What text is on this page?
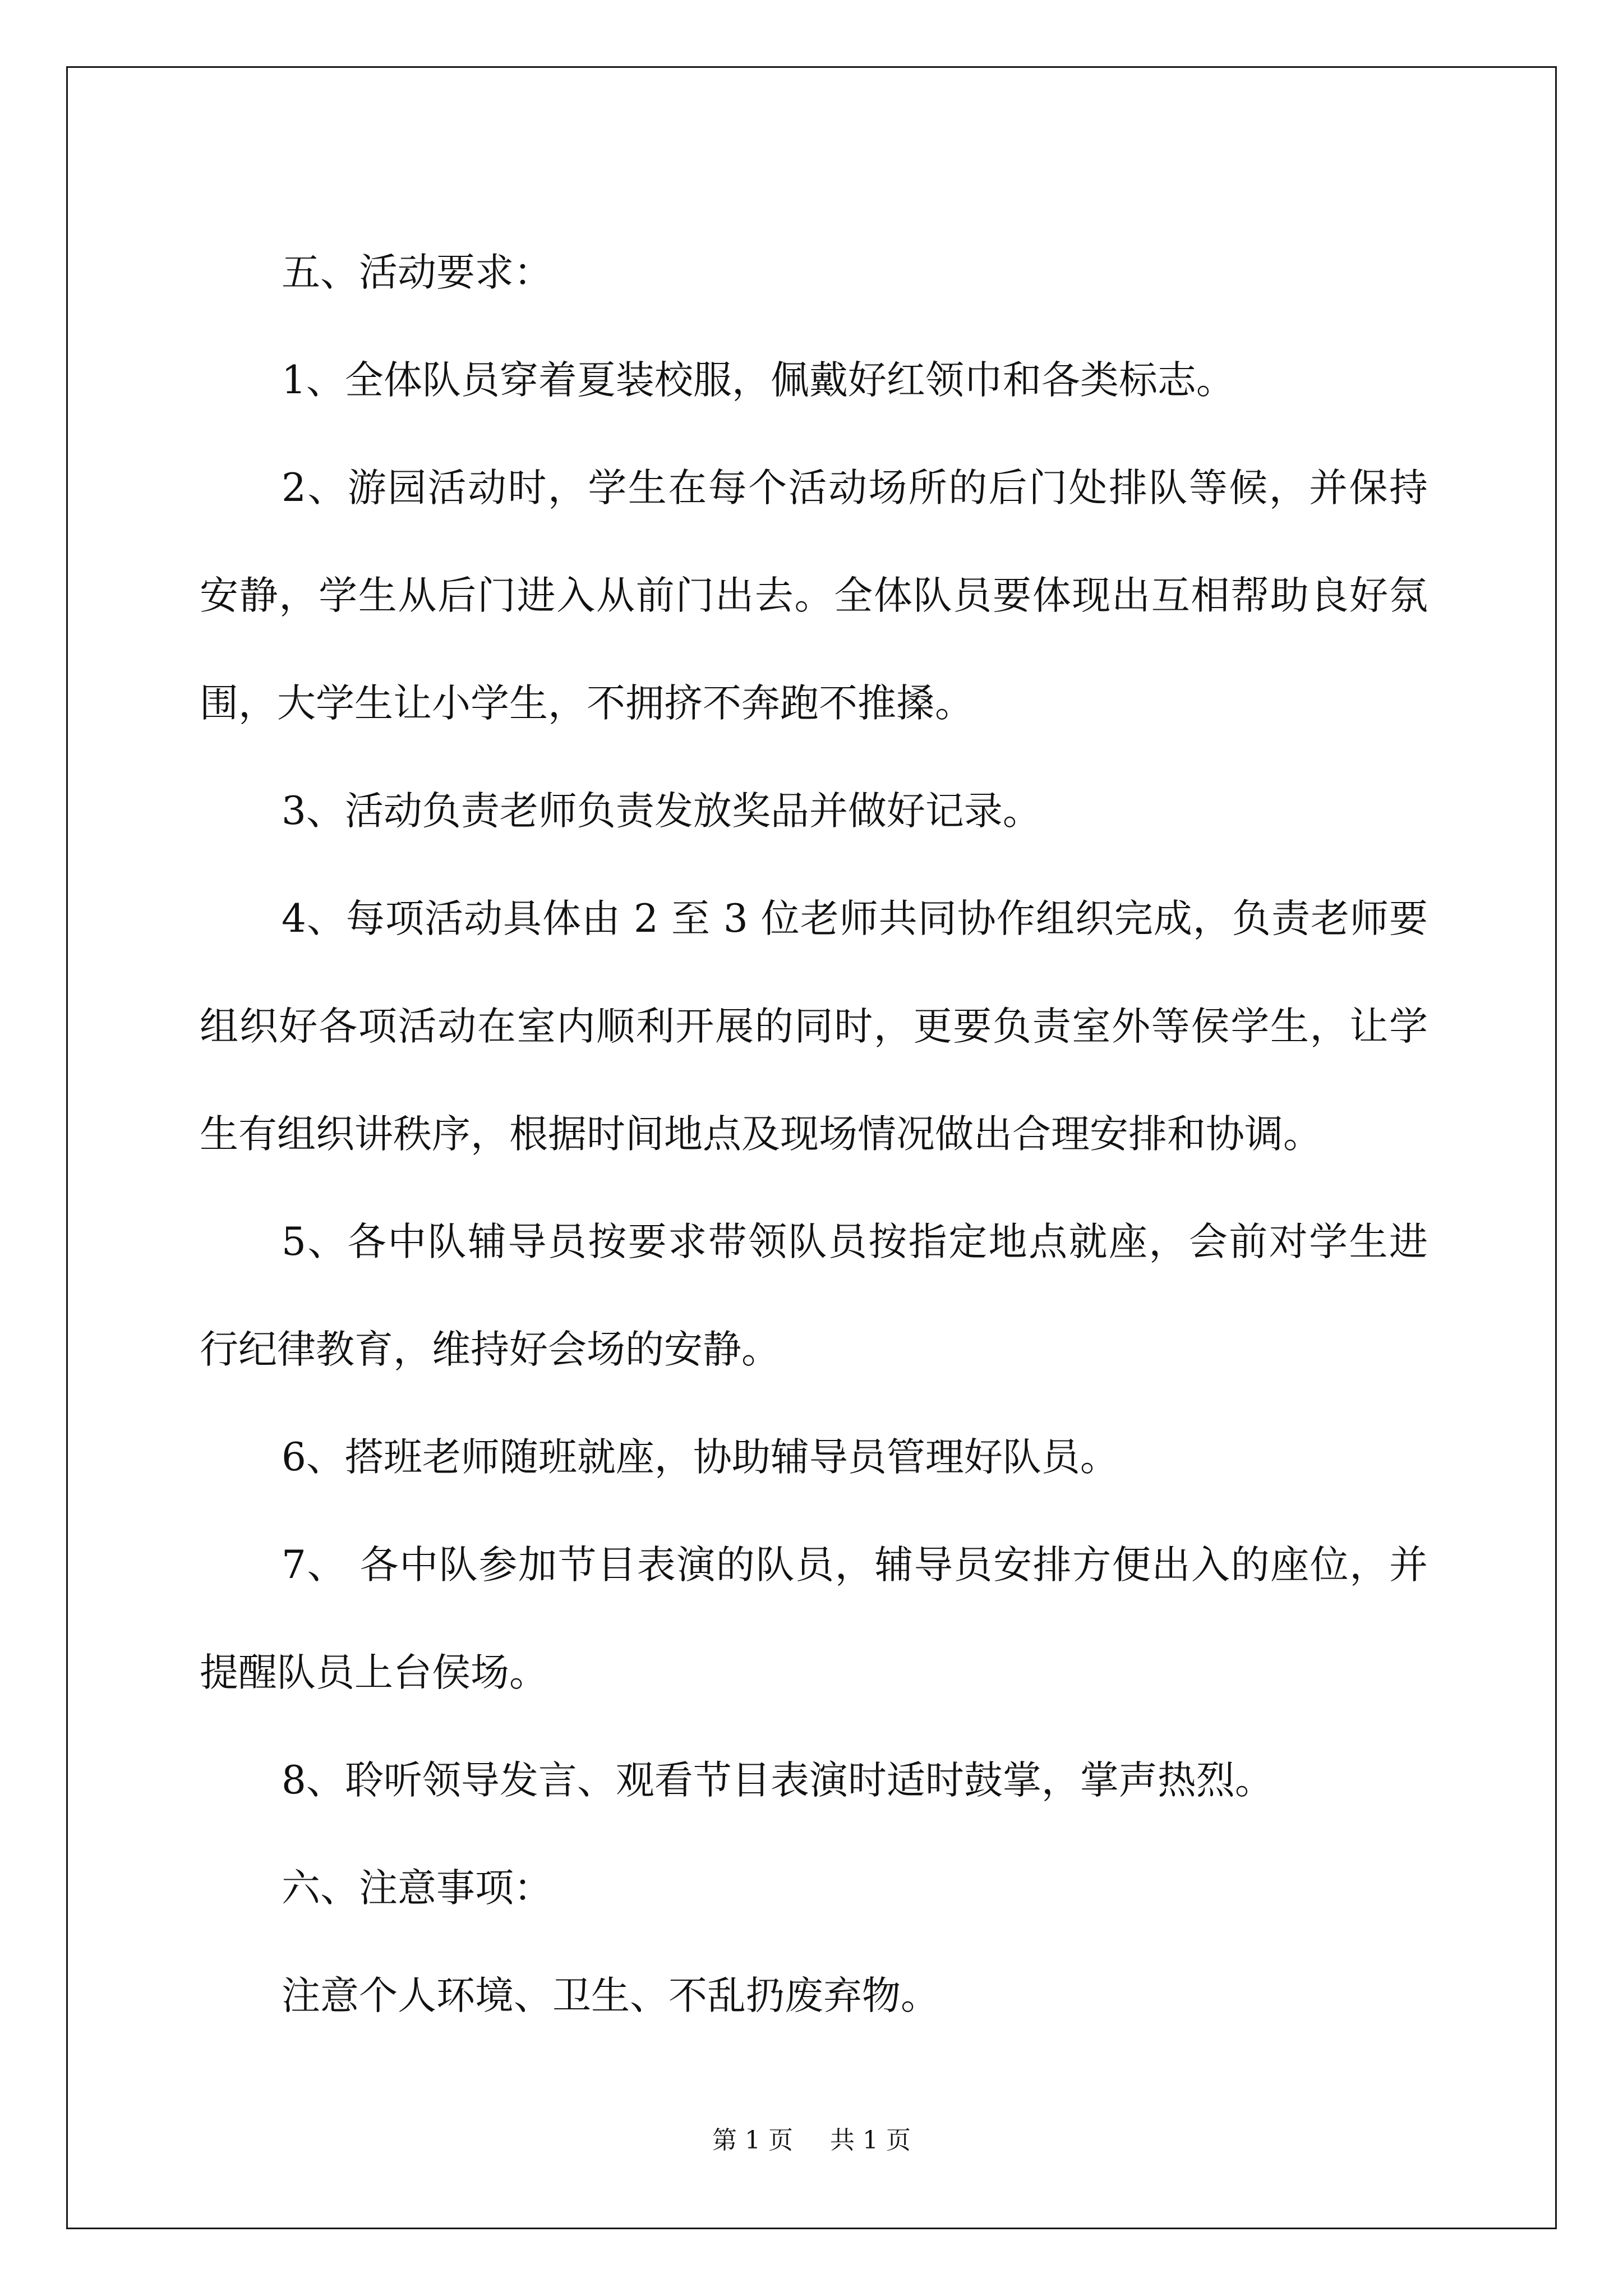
五、活动要求：

1、全体队员穿着夏装校服，佩戴好红领巾和各类标志。

2、游园活动时，学生在每个活动场所的后门处排队等候，并保持安静，学生从后门进入从前门出去。全体队员要体现出互相帮助良好氛围，大学生让小学生，不拥挤不奔跑不推搡。

3、活动负责老师负责发放奖品并做好记录。

4、每项活动具体由 2 至 3 位老师共同协作组织完成，负责老师要组织好各项活动在室内顺利开展的同时，更要负责室外等侯学生，让学生有组织讲秩序，根据时间地点及现场情况做出合理安排和协调。

5、各中队辅导员按要求带领队员按指定地点就座，会前对学生进行纪律教育，维持好会场的安静。

6、搭班老师随班就座，协助辅导员管理好队员。

7、 各中队参加节目表演的队员，辅导员安排方便出入的座位，并提醒队员上台侯场。

8、聆听领导发言、观看节目表演时适时鼓掌，掌声热烈。

六、注意事项：

注意个人环境、卫生、不乱扔废弃物。

第 1 页 共 1 页
